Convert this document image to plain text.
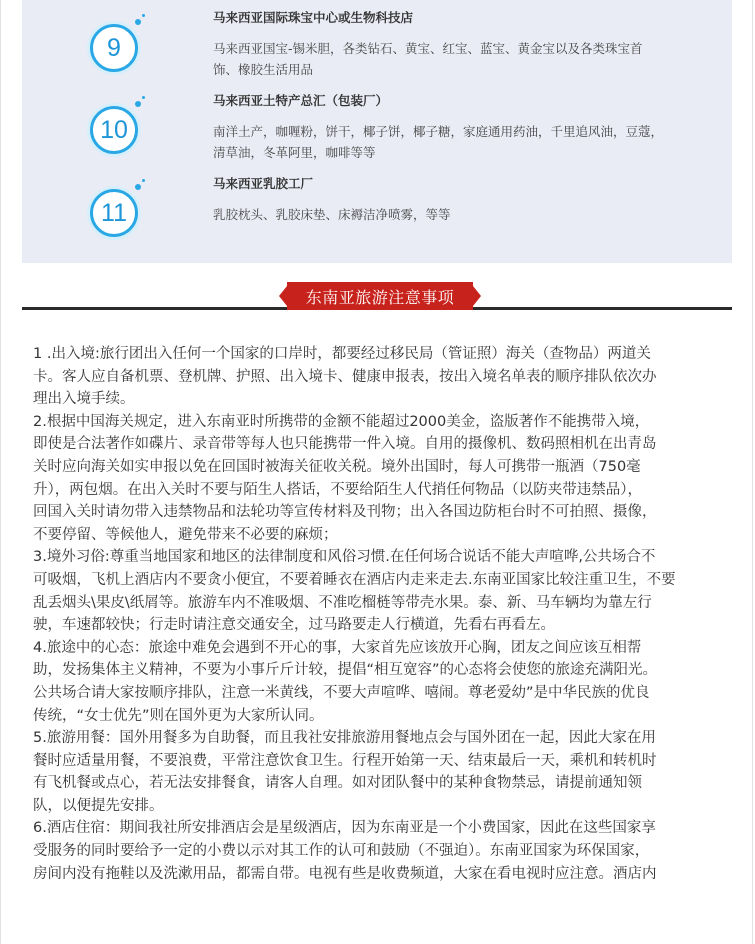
9
马来西亚国际珠宝中心或生物科技店
马来西亚国宝-锡米胆，各类钻石、黄宝、红宝、蓝宝、黄金宝以及各类珠宝首
饰、橡胶生活用品
10
马来西亚土特产总汇（包装厂）
南洋土产，咖喱粉，饼干，椰子饼，椰子糖，家庭通用药油，千里追风油，豆蔻，
清草油，冬革阿里，咖啡等等
11
马来西亚乳胶工厂
乳胶枕头、乳胶床垫、床褥洁净喷雾，等等
东南亚旅游注意事项
1 .出入境:旅行团出入任何一个国家的口岸时，都要经过移民局（管证照）海关（查物品）两道关
卡。客人应自备机票、登机牌、护照、出入境卡、健康申报表，按出入境名单表的顺序排队依次办
理出入境手续。
2.根据中国海关规定，进入东南亚时所携带的金额不能超过2000美金，盗版著作不能携带入境，
即使是合法著作如碟片、录音带等每人也只能携带一件入境。自用的摄像机、数码照相机在出青岛
关时应向海关如实申报以免在回国时被海关征收关税。境外出国时，每人可携带一瓶酒（750毫
升），两包烟。在出入关时不要与陌生人搭话，不要给陌生人代捎任何物品（以防夹带违禁品），
回国入关时请勿带入违禁物品和法轮功等宣传材料及刊物；出入各国边防柜台时不可拍照、摄像，
不要停留、等候他人，避免带来不必要的麻烦；
3.境外习俗:尊重当地国家和地区的法律制度和风俗习惯.在任何场合说话不能大声喧哗,公共场合不
可吸烟，飞机上酒店内不要贪小便宜，不要着睡衣在酒店内走来走去.东南亚国家比较注重卫生，不要
乱丢烟头\果皮\纸屑等。旅游车内不准吸烟、不准吃榴梿等带壳水果。泰、新、马车辆均为靠左行
驶，车速都较快；行走时请注意交通安全，过马路要走人行横道，先看右再看左。
4.旅途中的心态：旅途中难免会遇到不开心的事，大家首先应该放开心胸，团友之间应该互相帮
助，发扬集体主义精神，不要为小事斤斤计较，提倡“相互宽容”的心态将会使您的旅途充满阳光。
公共场合请大家按顺序排队，注意一米黄线，不要大声喧哗、嘻闹。尊老爱幼”是中华民族的优良
传统，“女士优先”则在国外更为大家所认同。
5.旅游用餐：国外用餐多为自助餐，而且我社安排旅游用餐地点会与国外团在一起，因此大家在用
餐时应适量用餐，不要浪费，平常注意饮食卫生。行程开始第一天、结束最后一天，乘机和转机时
有飞机餐或点心，若无法安排餐食，请客人自理。如对团队餐中的某种食物禁忌，请提前通知领
队，以便提先安排。
6.酒店住宿：期间我社所安排酒店会是星级酒店，因为东南亚是一个小费国家，因此在这些国家享
受服务的同时要给予一定的小费以示对其工作的认可和鼓励（不强迫）。东南亚国家为环保国家，
房间内没有拖鞋以及洗漱用品，都需自带。电视有些是收费频道，大家在看电视时应注意。酒店内
